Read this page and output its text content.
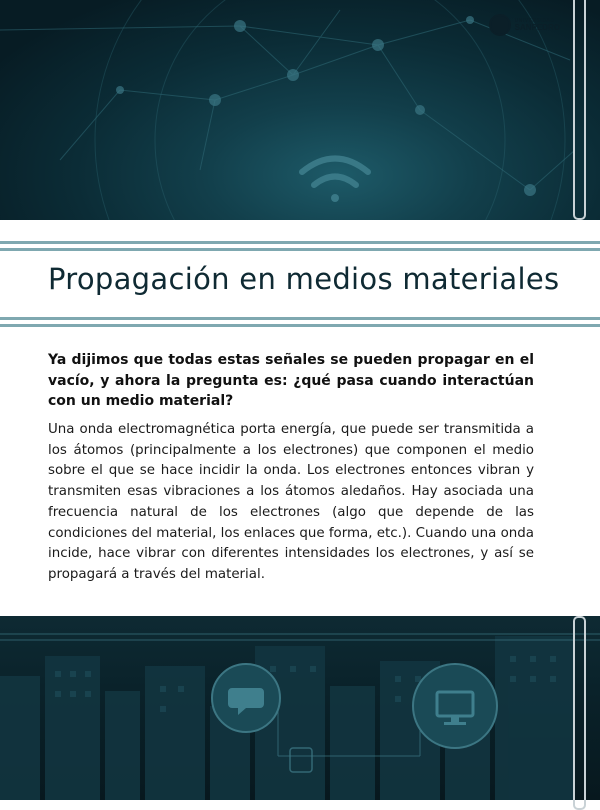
UNIVERSIDAD
SANPEDRO
Propagación en medios materiales

Ya dijimos que todas estas señales se pueden propagar en el vacío, y ahora la pregunta es: ¿qué pasa cuando interactúan con un medio material?

Una onda electromagnética porta energía, que puede ser transmitida a los átomos (principalmente a los electrones) que componen el medio sobre el que se hace incidir la onda. Los electrones entonces vibran y transmiten esas vibraciones a los átomos aledaños. Hay asociada una frecuencia natural de los electrones (algo que depende de las condiciones del material, los enlaces que forma, etc.). Cuando una onda incide, hace vibrar con diferentes intensidades los electrones, y así se propagará a través del material.
